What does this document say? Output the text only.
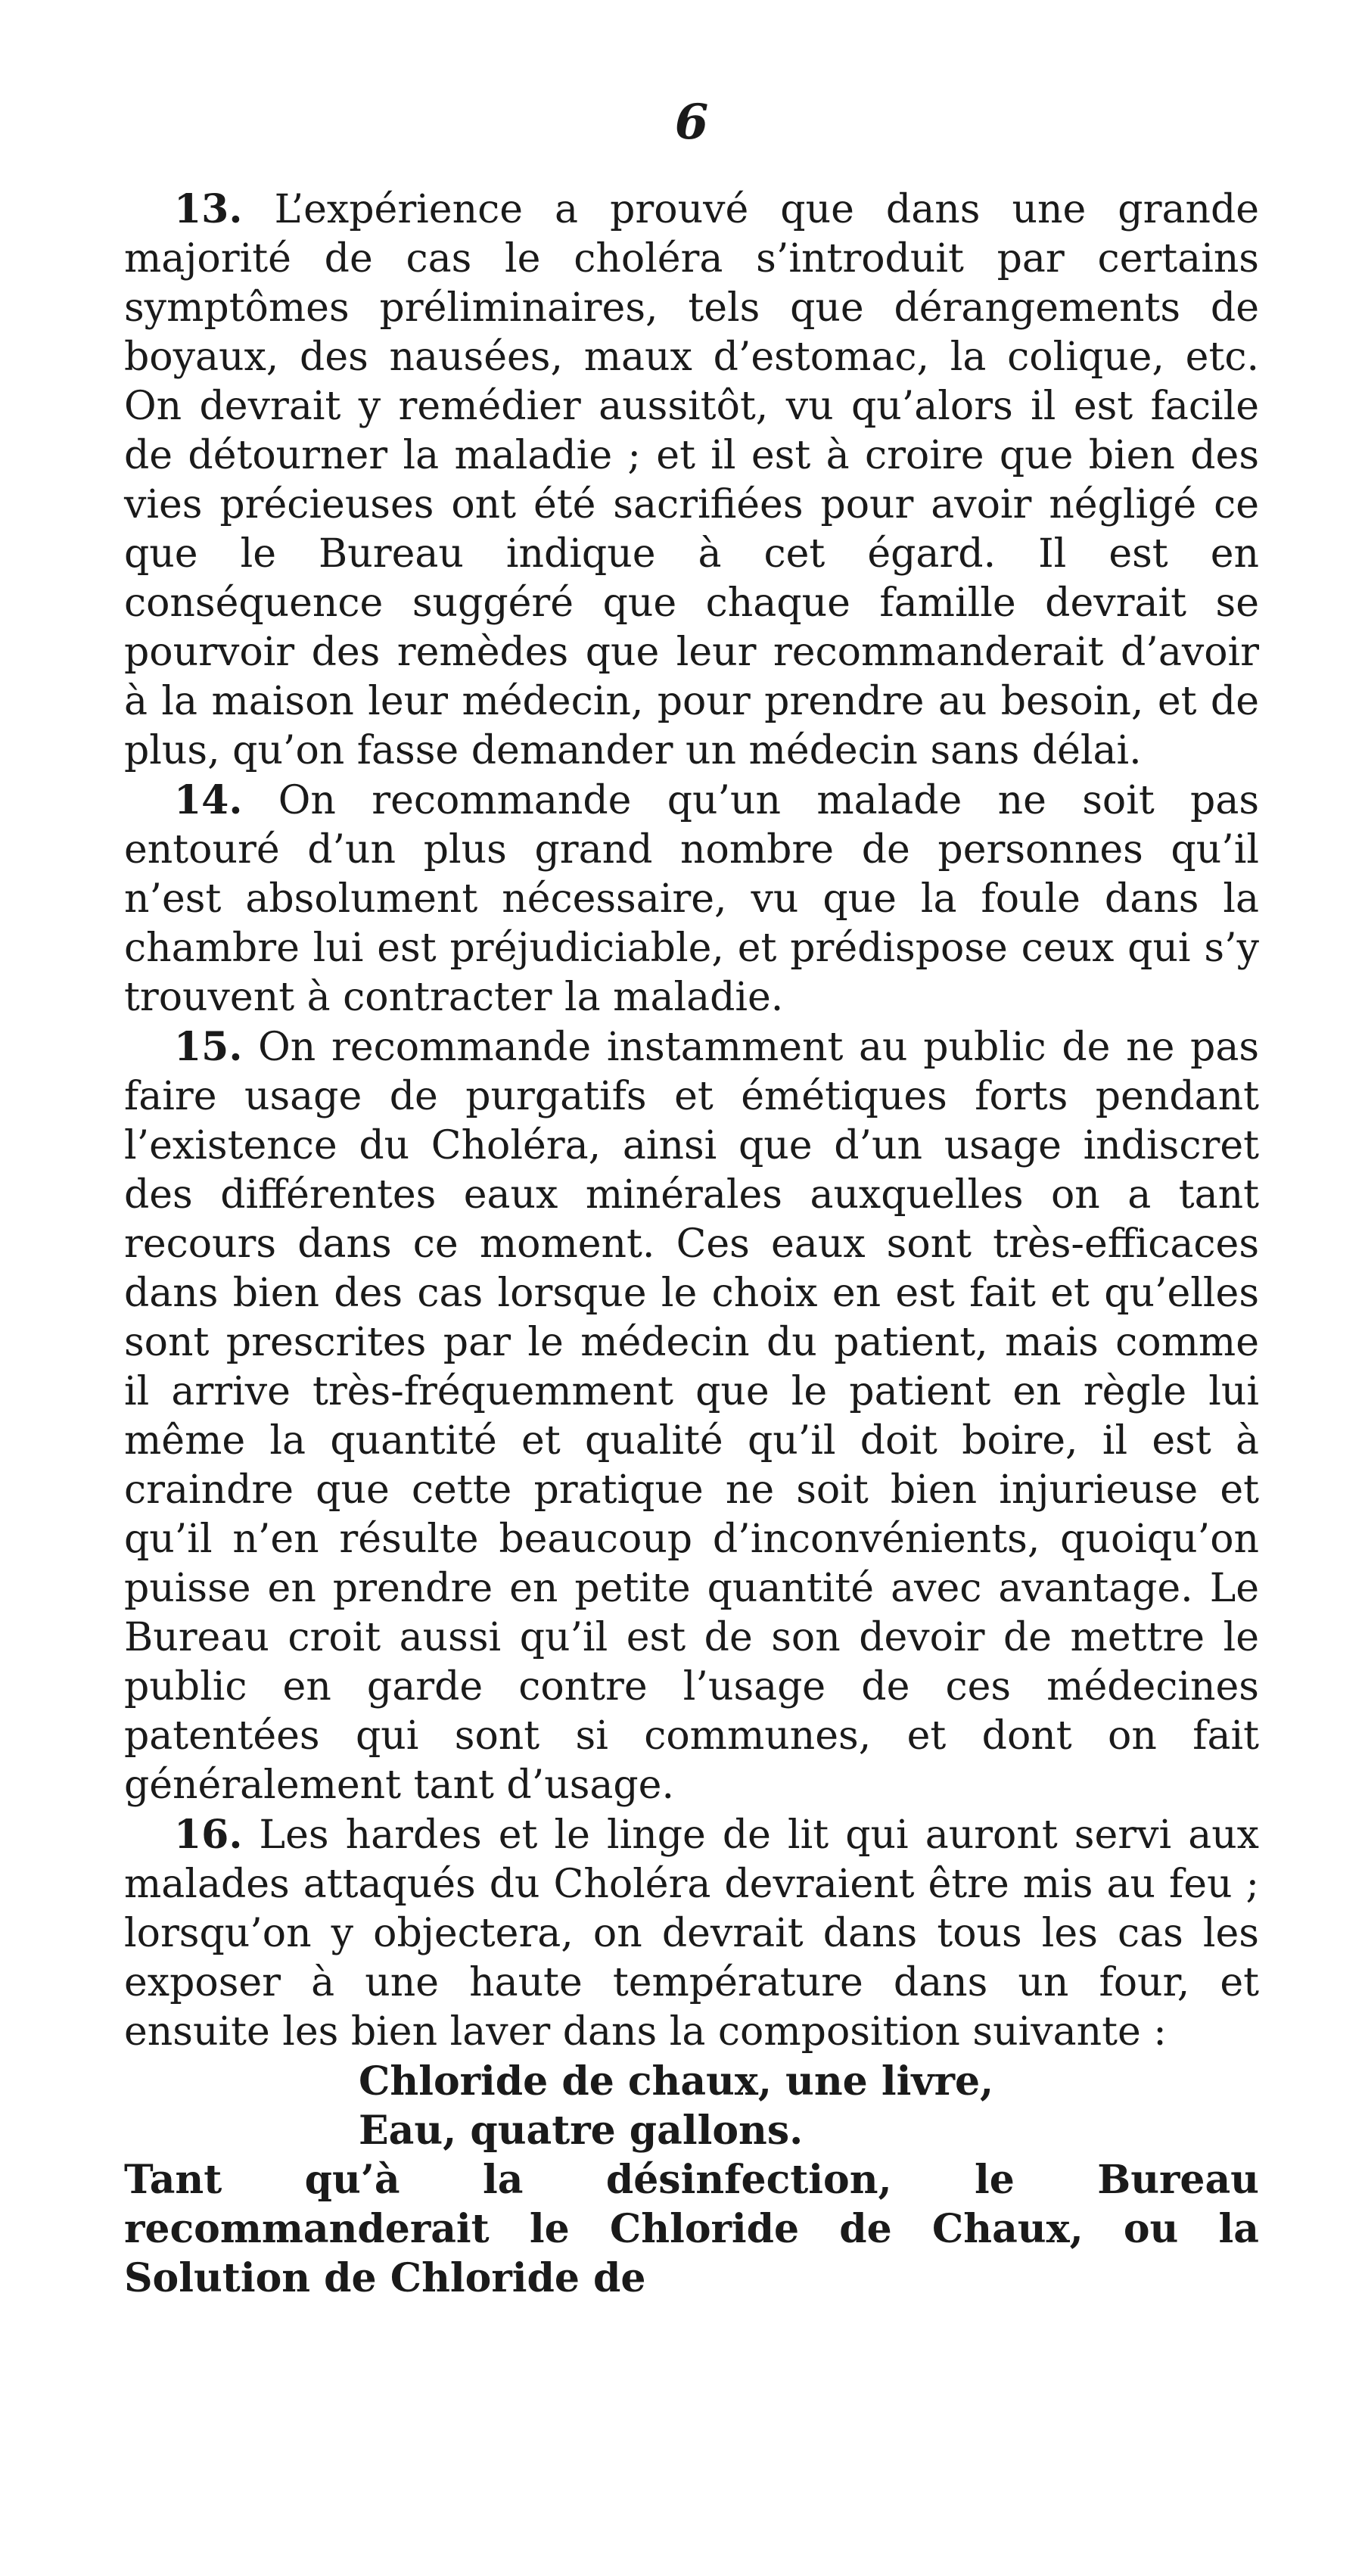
6

13. L’expérience a prouvé que dans une grande majorité de cas le choléra s’introduit par certains symptômes préliminaires, tels que dérangements de boyaux, des nausées, maux d’estomac, la colique, etc. On devrait y remédier aussitôt, vu qu’alors il est facile de détourner la maladie ; et il est à croire que bien des vies précieuses ont été sacrifiées pour avoir négligé ce que le Bureau indique à cet égard. Il est en conséquence suggéré que chaque famille devrait se pourvoir des remèdes que leur recommanderait d’avoir à la maison leur médecin, pour prendre au besoin, et de plus, qu’on fasse demander un médecin sans délai.

14. On recommande qu’un malade ne soit pas entouré d’un plus grand nombre de personnes qu’il n’est absolument nécessaire, vu que la foule dans la chambre lui est préjudiciable, et prédispose ceux qui s’y trouvent à contracter la maladie.

15. On recommande instamment au public de ne pas faire usage de purgatifs et émétiques forts pendant l’existence du Choléra, ainsi que d’un usage indiscret des différentes eaux minérales auxquelles on a tant recours dans ce moment. Ces eaux sont très-efficaces dans bien des cas lorsque le choix en est fait et qu’elles sont prescrites par le médecin du patient, mais comme il arrive très-fréquemment que le patient en règle lui même la quantité et qualité qu’il doit boire, il est à craindre que cette pratique ne soit bien injurieuse et qu’il n’en résulte beaucoup d’inconvénients, quoiqu’on puisse en prendre en petite quantité avec avantage. Le Bureau croit aussi qu’il est de son devoir de mettre le public en garde contre l’usage de ces médecines patentées qui sont si communes, et dont on fait généralement tant d’usage.

16. Les hardes et le linge de lit qui auront servi aux malades attaqués du Choléra devraient être mis au feu ; lorsqu’on y objectera, on devrait dans tous les cas les exposer à une haute température dans un four, et ensuite les bien laver dans la composition suivante :

Chloride de chaux, une livre,
Eau, quatre gallons.

Tant qu’à la désinfection, le Bureau recommanderait le Chloride de Chaux, ou la Solution de Chloride de
